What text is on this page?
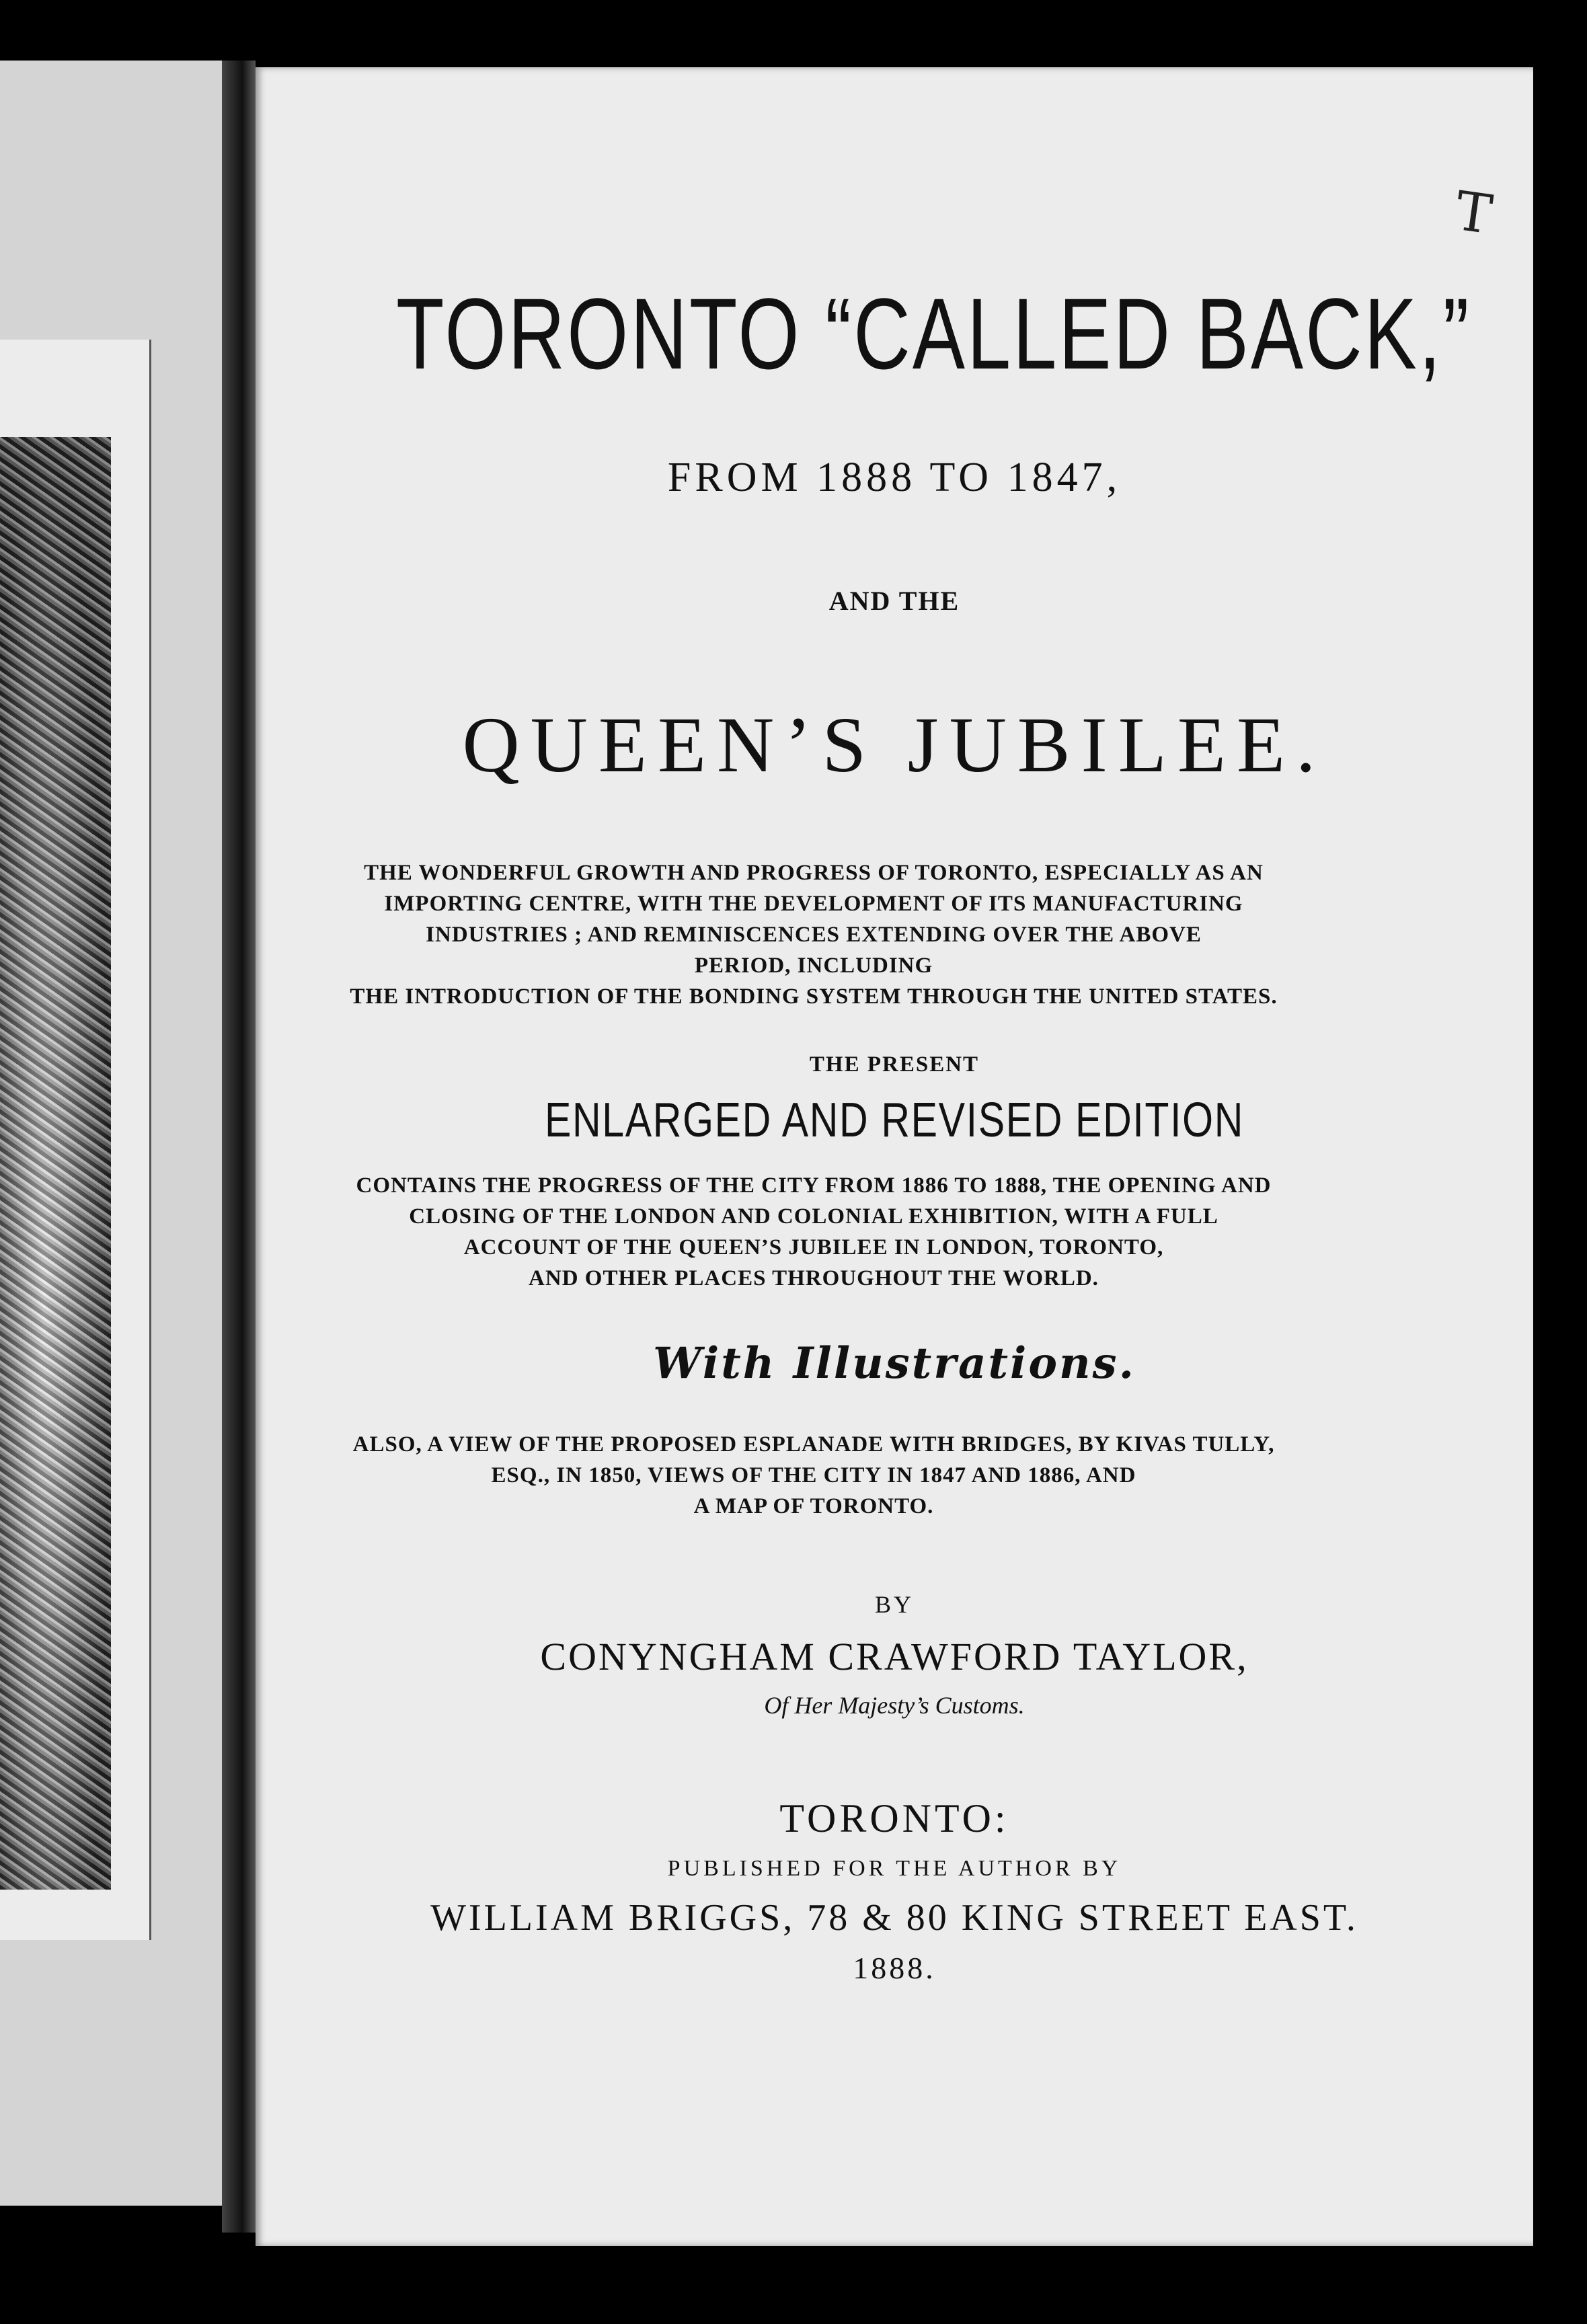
T
TORONTO “CALLED BACK,”
FROM 1888 TO 1847,
AND THE
QUEEN’S JUBILEE.
THE WONDERFUL GROWTH AND PROGRESS OF TORONTO, ESPECIALLY AS AN
IMPORTING CENTRE, WITH THE DEVELOPMENT OF ITS MANUFACTURING
INDUSTRIES ; AND REMINISCENCES EXTENDING OVER THE ABOVE
PERIOD, INCLUDING
THE INTRODUCTION OF THE BONDING SYSTEM THROUGH THE UNITED STATES.
THE PRESENT
ENLARGED AND REVISED EDITION
CONTAINS THE PROGRESS OF THE CITY FROM 1886 TO 1888, THE OPENING AND
CLOSING OF THE LONDON AND COLONIAL EXHIBITION, WITH A FULL
ACCOUNT OF THE QUEEN’S JUBILEE IN LONDON, TORONTO,
AND OTHER PLACES THROUGHOUT THE WORLD.
With Illustrations.
ALSO, A VIEW OF THE PROPOSED ESPLANADE WITH BRIDGES, BY KIVAS TULLY,
ESQ., IN 1850, VIEWS OF THE CITY IN 1847 AND 1886, AND
A MAP OF TORONTO.
BY
CONYNGHAM CRAWFORD TAYLOR,
Of Her Majesty’s Customs.
TORONTO:
PUBLISHED FOR THE AUTHOR BY
WILLIAM BRIGGS, 78 & 80 KING STREET EAST.
1888.
